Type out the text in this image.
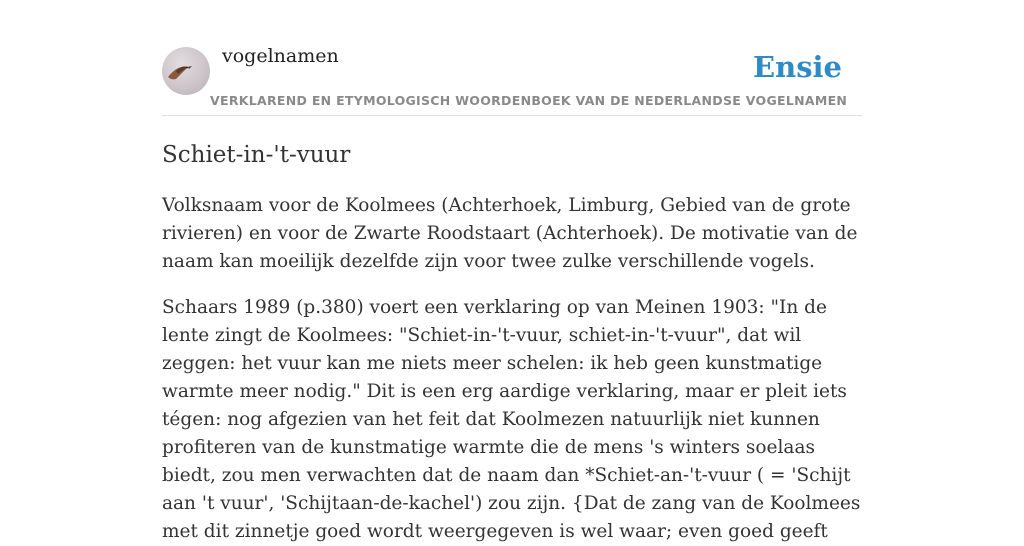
vogelnamen	Ensie
VERKLAREND EN ETYMOLOGISCH WOORDENBOEK VAN DE NEDERLANDSE VOGELNAMEN
Schiet-in-'t-vuur

Volksnaam voor de Koolmees (Achterhoek, Limburg, Gebied van de grote rivieren) en voor de Zwarte Roodstaart (Achterhoek). De motivatie van de naam kan moeilijk dezelfde zijn voor twee zulke verschillende vogels.

Schaars 1989 (p.380) voert een verklaring op van Meinen 1903: "In de lente zingt de Koolmees: "Schiet-in-'t-vuur, schiet-in-'t-vuur", dat wil zeggen: het vuur kan me niets meer schelen: ik heb geen kunstmatige warmte meer nodig." Dit is een erg aardige verklaring, maar er pleit iets tégen: nog afgezien van het feit dat Koolmezen natuurlijk niet kunnen profiteren van de kunstmatige warmte die de mens 's winters soelaas biedt, zou men verwachten dat de naam dan *Schiet-an-'t-vuur ( = 'Schijt aan 't vuur', 'Schijtaan-de-kachel') zou zijn. {Dat de zang van de Koolmees met dit zinnetje goed wordt weergegeven is wel waar; even goed geeft
